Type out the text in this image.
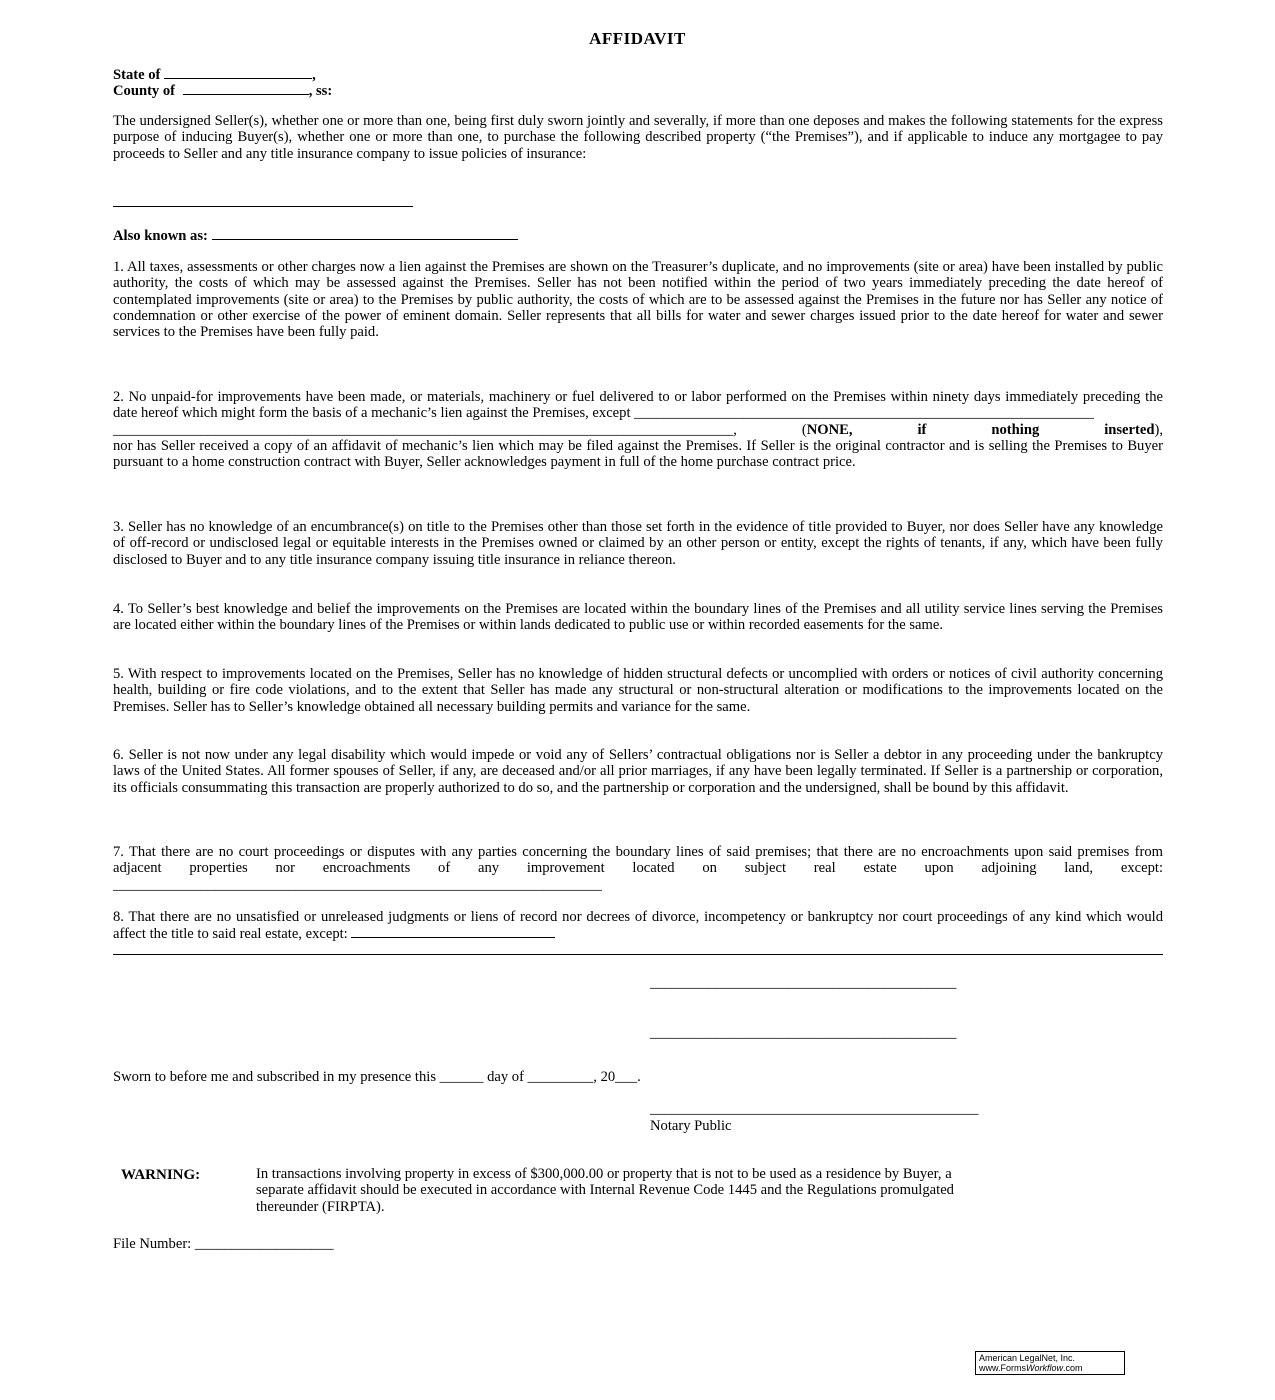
AFFIDAVIT
State of	,
County of	, ss:

The undersigned Seller(s), whether one or more than one, being first duly sworn jointly and severally, if more than one deposes and makes the following statements for the express purpose of inducing Buyer(s), whether one or more than one, to purchase the following described property (“the Premises”), and if applicable to induce any mortgagee to pay proceeds to Seller and any title insurance company to issue policies of insurance:

Also known as:

1. All taxes, assessments or other charges now a lien against the Premises are shown on the Treasurer’s duplicate, and no improvements (site or area) have been installed by public authority, the costs of which may be assessed against the Premises. Seller has not been notified within the period of two years immediately preceding the date hereof of contemplated improvements (site or area) to the Premises by public authority, the costs of which are to be assessed against the Premises in the future nor has Seller any notice of condemnation or other exercise of the power of eminent domain. Seller represents that all bills for water and sewer charges issued prior to the date hereof for water and sewer services to the Premises have been fully paid.

2. No unpaid-for improvements have been made, or materials, machinery or fuel delivered to or labor performed on the Premises within ninety days immediately preceding the date hereof which might form the basis of a mechanic’s lien against the Premises, except _______________________________________________________________

_____________________________________________________________________________________, (NONE, if nothing inserted),
nor has Seller received a copy of an affidavit of mechanic’s lien which may be filed against the Premises. If Seller is the original contractor and is selling the Premises to Buyer pursuant to a home construction contract with Buyer, Seller acknowledges payment in full of the home purchase contract price.

3. Seller has no knowledge of an encumbrance(s) on title to the Premises other than those set forth in the evidence of title provided to Buyer, nor does Seller have any knowledge of off-record or undisclosed legal or equitable interests in the Premises owned or claimed by an other person or entity, except the rights of tenants, if any, which have been fully disclosed to Buyer and to any title insurance company issuing title insurance in reliance thereon.

4. To Seller’s best knowledge and belief the improvements on the Premises are located within the boundary lines of the Premises and all utility service lines serving the Premises are located either within the boundary lines of the Premises or within lands dedicated to public use or within recorded easements for the same.

5. With respect to improvements located on the Premises, Seller has no knowledge of hidden structural defects or uncomplied with orders or notices of civil authority concerning health, building or fire code violations, and to the extent that Seller has made any structural or non-structural alteration or modifications to the improvements located on the Premises. Seller has to Seller’s knowledge obtained all necessary building permits and variance for the same.

6. Seller is not now under any legal disability which would impede or void any of Sellers’ contractual obligations nor is Seller a debtor in any proceeding under the bankruptcy laws of the United States. All former spouses of Seller, if any, are deceased and/or all prior marriages, if any have been legally terminated. If Seller is a partnership or corporation, its officials consummating this transaction are properly authorized to do so, and the partnership or corporation and the undersigned, shall be bound by this affidavit.

7. That there are no court proceedings or disputes with any parties concerning the boundary lines of said premises; that there are no encroachments upon said premises from adjacent properties nor encroachments of any improvement located on subject real estate upon adjoining land, except: ___________________________________________________________________

8. That there are no unsatisfied or unreleased judgments or liens of record nor decrees of divorce, incompetency or bankruptcy nor court proceedings of any kind which would affect the title to said real estate, except:
__________________________________________
__________________________________________
Sworn to before me and subscribed in my presence this ______ day of _________, 20___.
_____________________________________________
Notary Public
WARNING:	In transactions involving property in excess of $300,000.00 or property that is not to be used as a residence by Buyer, a separate affidavit should be executed in accordance with Internal Revenue Code 1445 and the Regulations promulgated thereunder (FIRPTA).

File Number: ___________________
American LegalNet, Inc.
www.FormsWorkflow.com
